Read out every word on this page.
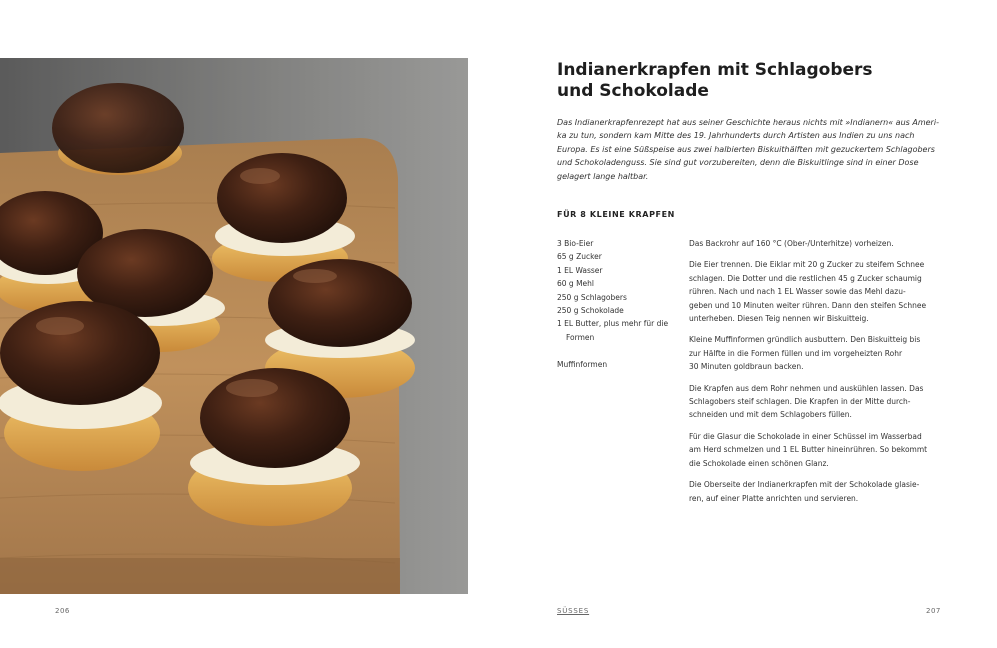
Indianerkrapfen mit Schlagobers
und Schokolade

Das Indianerkrapfenrezept hat aus seiner Geschichte heraus nichts mit »Indianern« aus Ameri-
ka zu tun, sondern kam Mitte des 19. Jahrhunderts durch Artisten aus Indien zu uns nach
Europa. Es ist eine Süßspeise aus zwei halbierten Biskuithälften mit gezuckertem Schlagobers
und Schokoladenguss. Sie sind gut vorzubereiten, denn die Biskuitlinge sind in einer Dose
gelagert lange haltbar.

FÜR 8 KLEINE KRAPFEN
3 Bio-Eier
65 g Zucker
1 EL Wasser
60 g Mehl
250 g Schlagobers
250 g Schokolade
1 EL Butter, plus mehr für die
Formen
Muffinformen

Das Backrohr auf 160 °C (Ober-/Unterhitze) vorheizen.

Die Eier trennen. Die Eiklar mit 20 g Zucker zu steifem Schnee
schlagen. Die Dotter und die restlichen 45 g Zucker schaumig
rühren. Nach und nach 1 EL Wasser sowie das Mehl dazu-
geben und 10 Minuten weiter rühren. Dann den steifen Schnee
unterheben. Diesen Teig nennen wir Biskuitteig.

Kleine Muffinformen gründlich ausbuttern. Den Biskuitteig bis
zur Hälfte in die Formen füllen und im vorgeheizten Rohr
30 Minuten goldbraun backen.

Die Krapfen aus dem Rohr nehmen und auskühlen lassen. Das
Schlagobers steif schlagen. Die Krapfen in der Mitte durch-
schneiden und mit dem Schlagobers füllen.

Für die Glasur die Schokolade in einer Schüssel im Wasserbad
am Herd schmelzen und 1 EL Butter hineinrühren. So bekommt
die Schokolade einen schönen Glanz.

Die Oberseite der Indianerkrapfen mit der Schokolade glasie-
ren, auf einer Platte anrichten und servieren.

206	SÜSSES	207
